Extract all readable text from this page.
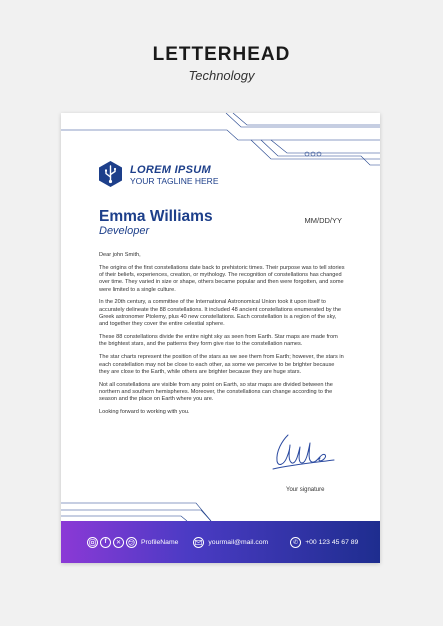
LETTERHEAD
Technology
LOREM IPSUM
YOUR TAGLINE HERE
Emma Williams
Developer
MM/DD/YY

Dear john Smith,

The origins of the first constellations date back to prehistoric times. Their purpose was to tell stories of their beliefs, experiences, creation, or mythology. The recognition of constellations has changed over time. They varied in size or shape, others became popular and then were forgotten, and some were limited to a single culture.

In the 20th century, a committee of the International Astronomical Union took it upon itself to accurately delineate the 88 constellations. It included 48 ancient constellations enumerated by the Greek astronomer Ptolemy, plus 40 new constellations. Each constellation is a region of the sky, and together they cover the entire celestial sphere.

These 88 constellations divide the entire night sky as seen from Earth. Star maps are made from the brightest stars, and the patterns they form give rise to the constellation names.

The star charts represent the position of the stars as we see them from Earth; however, the stars in each constellation may not be close to each other, as some we perceive to be brighter because they are close to the Earth, while others are brighter because they are huge stars.

Not all constellations are visible from any point on Earth, so star maps are divided between the northern and southern hemispheres. Moreover, the constellations can change according to the season and the place on Earth where you are.

Looking forward to working with you.

Your signature
f	✕	ProfileName	yourmail@mail.com	✆	+00 123 45 67 89
